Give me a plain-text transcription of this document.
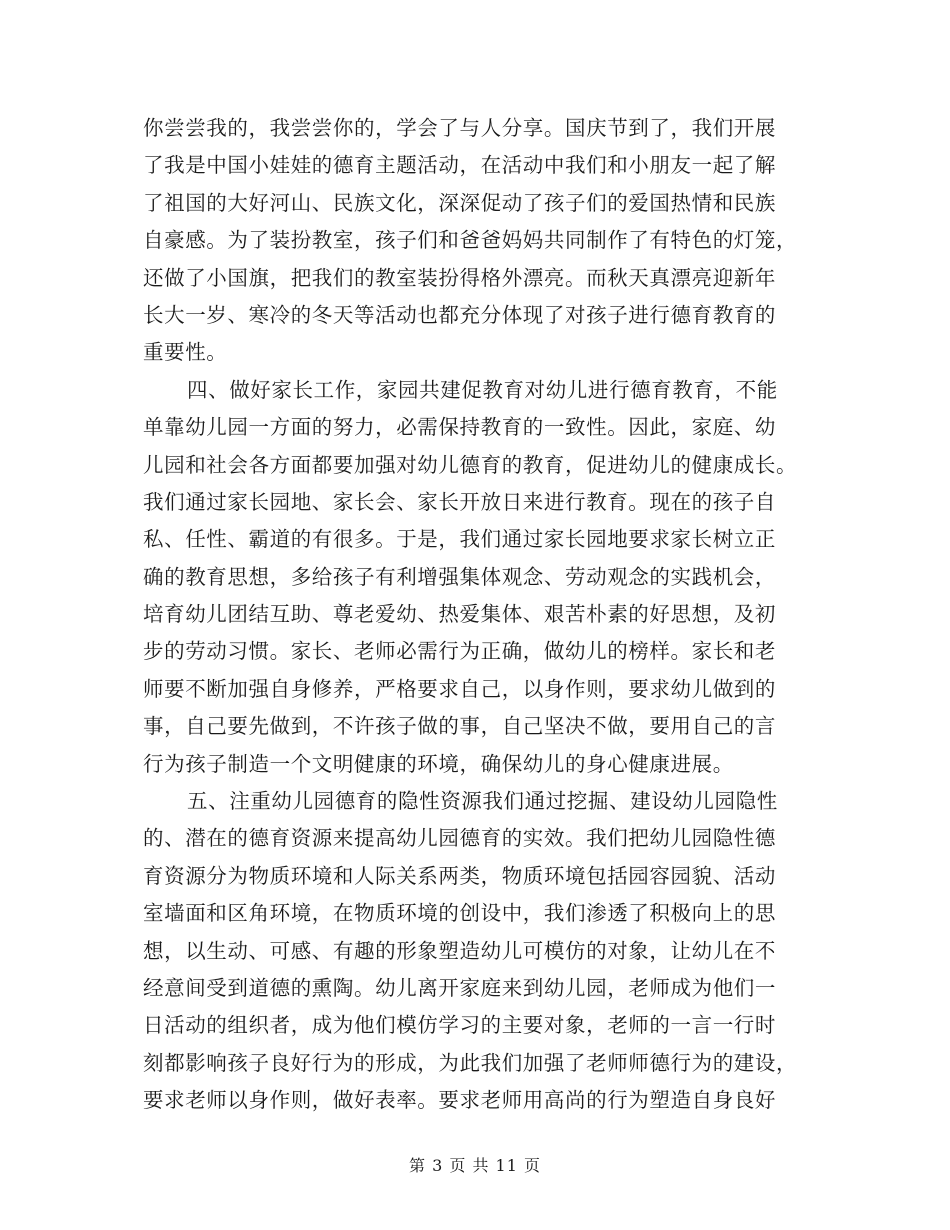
你尝尝我的，我尝尝你的，学会了与人分享。国庆节到了，我们开展
了我是中国小娃娃的德育主题活动，在活动中我们和小朋友一起了解
了祖国的大好河山、民族文化，深深促动了孩子们的爱国热情和民族
自豪感。为了装扮教室，孩子们和爸爸妈妈共同制作了有特色的灯笼，
还做了小国旗，把我们的教室装扮得格外漂亮。而秋天真漂亮迎新年
长大一岁、寒冷的冬天等活动也都充分体现了对孩子进行德育教育的
重要性。
四、做好家长工作，家园共建促教育对幼儿进行德育教育，不能
单靠幼儿园一方面的努力，必需保持教育的一致性。因此，家庭、幼
儿园和社会各方面都要加强对幼儿德育的教育，促进幼儿的健康成长。
我们通过家长园地、家长会、家长开放日来进行教育。现在的孩子自
私、任性、霸道的有很多。于是，我们通过家长园地要求家长树立正
确的教育思想，多给孩子有利增强集体观念、劳动观念的实践机会，
培育幼儿团结互助、尊老爱幼、热爱集体、艰苦朴素的好思想，及初
步的劳动习惯。家长、老师必需行为正确，做幼儿的榜样。家长和老
师要不断加强自身修养，严格要求自己，以身作则，要求幼儿做到的
事，自己要先做到，不许孩子做的事，自己坚决不做，要用自己的言
行为孩子制造一个文明健康的环境，确保幼儿的身心健康进展。
五、注重幼儿园德育的隐性资源我们通过挖掘、建设幼儿园隐性
的、潜在的德育资源来提高幼儿园德育的实效。我们把幼儿园隐性德
育资源分为物质环境和人际关系两类，物质环境包括园容园貌、活动
室墙面和区角环境，在物质环境的创设中，我们渗透了积极向上的思
想，以生动、可感、有趣的形象塑造幼儿可模仿的对象，让幼儿在不
经意间受到道德的熏陶。幼儿离开家庭来到幼儿园，老师成为他们一
日活动的组织者，成为他们模仿学习的主要对象，老师的一言一行时
刻都影响孩子良好行为的形成，为此我们加强了老师师德行为的建设，
要求老师以身作则，做好表率。要求老师用高尚的行为塑造自身良好
第 3 页 共 11 页
